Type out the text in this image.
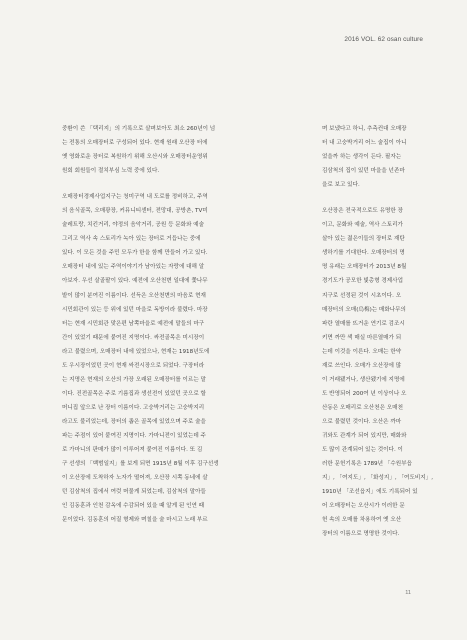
2016 VOL. 62 osan culture

중환이 쓴 「택리지」의 기록으로 살펴보아도 최소 260년이 넘
는 전통의 오매장터로 구성되어 있다. 현재 원래 오산장 터에
옛 영화로운 장터로 복원하기 위해 오산시와 오매장터운영위
원회 회원들이 절치부심 노력 중에 있다.

오매장터경제사업지구는 청미구역 내 도로를 정비하고, 주역
의 음식골목, 오매광장, 커뮤니티센터, 전망대, 공방촌, TV미
술레트랑, 치킨거리, 야정의 음악거리, 공원 등 문화와 예술
그리고 역사 속 스토리가 녹아 있는 장터로 거듭나는 중에
있다. 이 모든 것을 주민 모두가 한을 함께 만들어 가고 있다.
오매장터 내에 있는 주역이야기가 남아있는 자랑에 대해 알
아보자. 우선 살골팔이 있다. 예전에 오산천변 일대에 쫓나무
밭이 많이 분여진 이름이다. 선득은 오산천변의 마음로 현재
시민회관이 있는 등 위에 있던 마을로 독방이라 불렸다. 마장
터는 현재 시민회관 맞은편 남쪽마을로 예전에 말들의 마구
간이 있었기 때문에 붙여진 지명이다. 싸전골목은 미시장이
라고 불렸으며, 오매장터 내에 있었으나, 현재는 1918년도에
도 우시장이었던 곳이 현재 싸전시장으로 되었다. 구장터라
는 지명은 현재의 오산의 가장 오래된 오매장터를 이르는 말
이다. 진전골목은 주로 기름집과 생선전이 있었던 곳으로 할
머니집 앞으로 난 장터 이름이다. 고숭박거리는 고숭박지리
라고도 불리었는데, 장터의 좁은 골목에 있었으며 주로 술을
파는 주점이 있어 붙여진 지명이다. 가마니전이 있었는데 주
로 가마니의 판매가 많이 이루어져 붙여진 이름이다. 또 김
구 선생의 「백범일지」를 보게 되면 1915년 8월 이후 김구선생
이 오산장에 도착하자 노자가 떨어져, 오산장 시쪽 동네에 살
던 김삼척의 집에서 여럿 머물게 되었는데, 김삼척의 말아들
인 김동훈과 인천 감옥에 수감되어 있을 때 알게 된 인연 때
문이었다. 김동훈의 어질 형제와 며칠을 술 마시고 노래 부르

며 보냈다고 하니, 추측컨대 오매장
터 내 고숭박거리 어느 술집이 아니
었을까 하는 생각이 든다. 필자는
김삼척의 집이 있던 마을을 넌존마
을로 보고 있다.

오산장은 전국적으로도 유명한 장
이고, 문화와 예술, 역사 스토리가
살아 있는 젊은이들의 장터로 재탄
생하기를 기대한다. 오매장터의 명
명 유래는 오매장터가 2013년 8월
경기도가 공모한 빛총형 경제사업
지구로 선정된 것이 시초이다. 오
매장터의 오매(烏梅)는 매화나무의
파란 열매를 뜨거운 연기로 검조시
키면 까만 색 매실 마른열매가 되
는데 이것을 이른다. 오매는 한약
재로 쓰인다. 오매가 오산장에 많
이 거래됐거나, 생산됐기에 지명에
도 반영되어 200여 년 이상이나 오
산동은 오매리로 오산천은 오매천
으로 불렸던 것이다. 오산은 까마
귀와도 관계가 되어 있지만, 매화와
도 많이 관계되어 있는 것이다. 이
러한 문헌기록은 1789년 「수원부읍
지」, 「여지도」, 「화성지」, 「여도비지」,
1910년 「조선읍지」에도 기록되어 있
어 오매장터는 오산시가 이러한 문
헌 속의 오매를 차용하여 옛 오산
장터의 이름으로 명명한 것이다.

11
